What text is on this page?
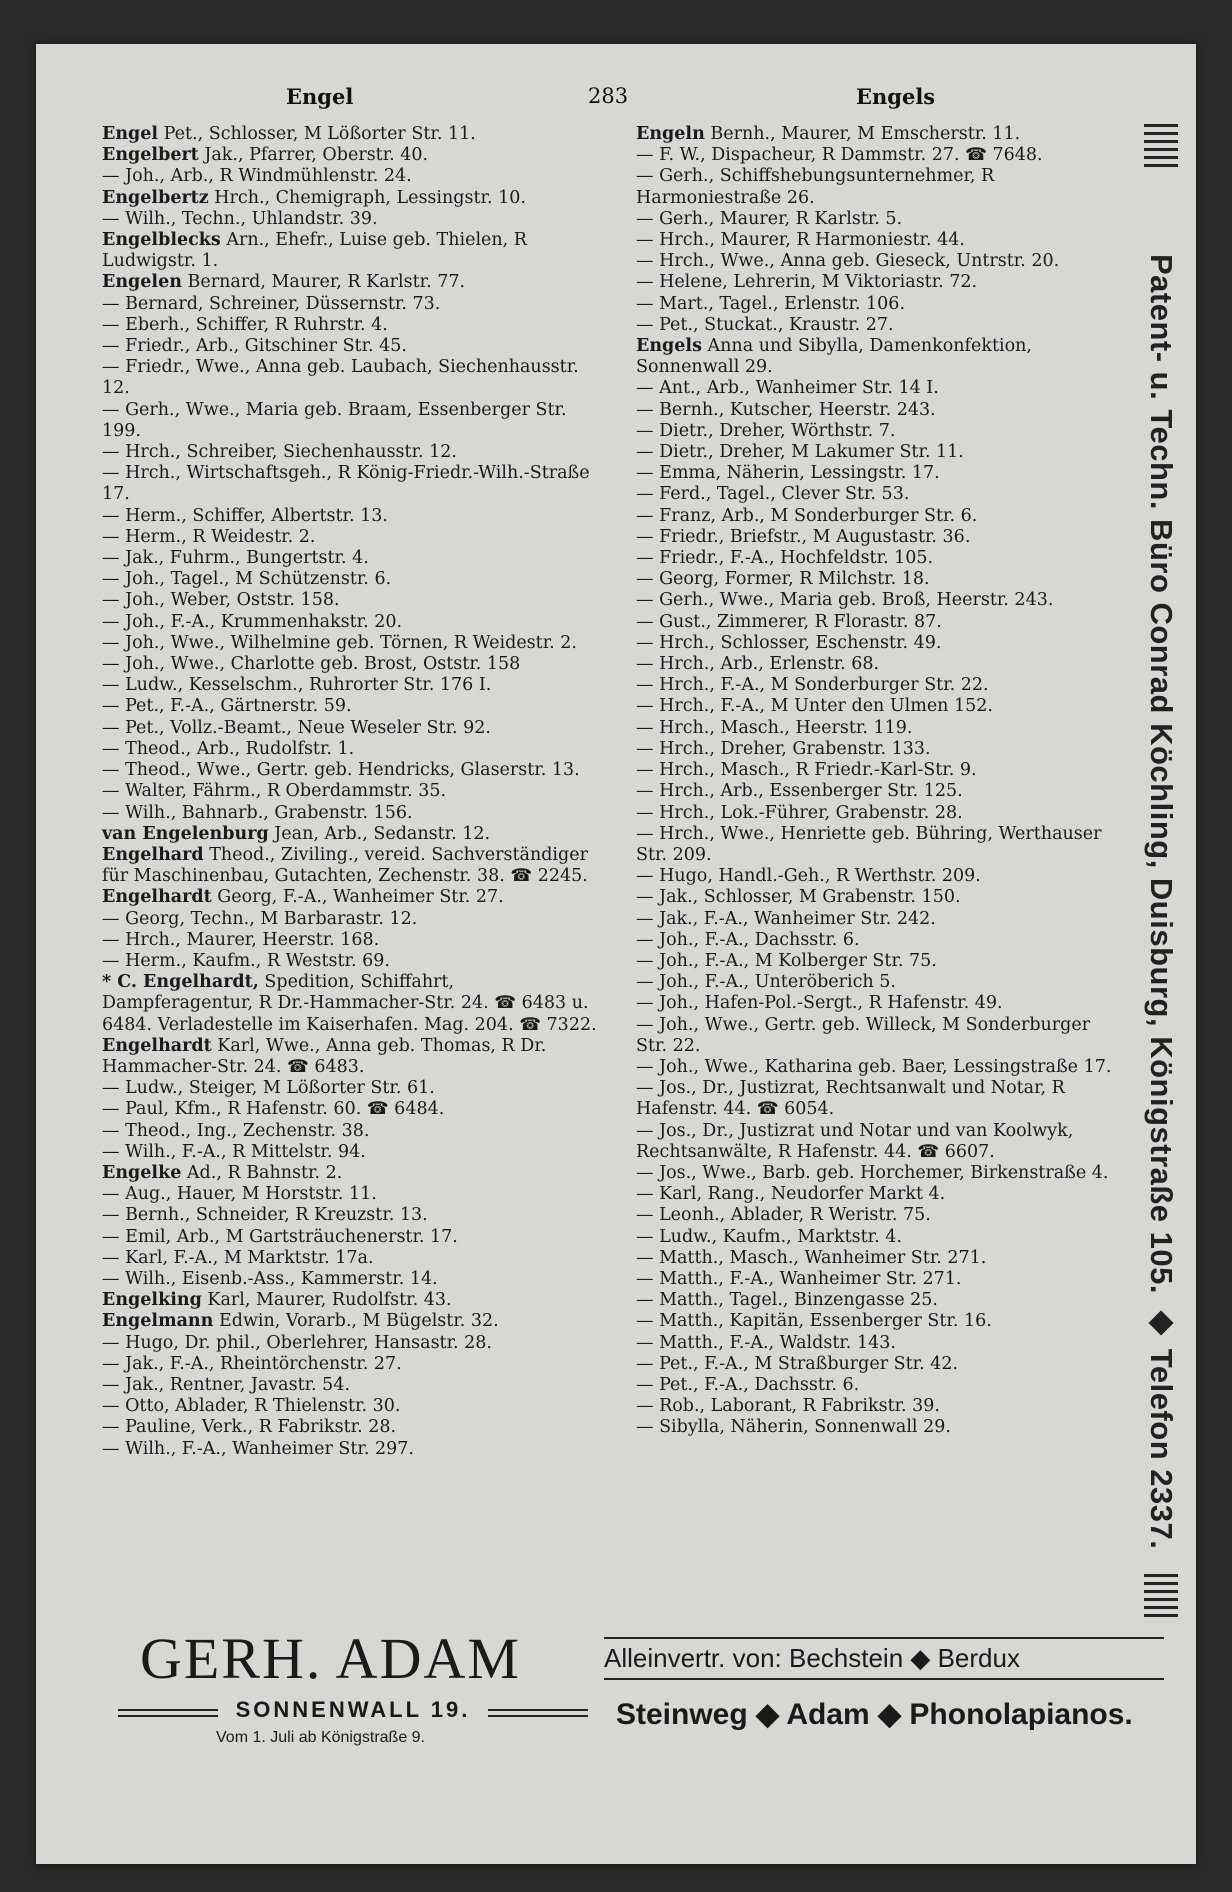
Engel	283	Engels
Engel Pet., Schlosser, M Lößorter Str. 11.
Engelbert Jak., Pfarrer, Oberstr. 40.
— Joh., Arb., R Windmühlenstr. 24.
Engelbertz Hrch., Chemigraph, Lessingstr. 10.
— Wilh., Techn., Uhlandstr. 39.
Engelblecks Arn., Ehefr., Luise geb. Thielen, R Ludwigstr. 1.
Engelen Bernard, Maurer, R Karlstr. 77.
— Bernard, Schreiner, Düssernstr. 73.
— Eberh., Schiffer, R Ruhrstr. 4.
— Friedr., Arb., Gitschiner Str. 45.
— Friedr., Wwe., Anna geb. Laubach, Siechenhausstr. 12.
— Gerh., Wwe., Maria geb. Braam, Essenberger Str. 199.
— Hrch., Schreiber, Siechenhausstr. 12.
— Hrch., Wirtschaftsgeh., R König-Friedr.-Wilh.-Straße 17.
— Herm., Schiffer, Albertstr. 13.
— Herm., R Weidestr. 2.
— Jak., Fuhrm., Bungertstr. 4.
— Joh., Tagel., M Schützenstr. 6.
— Joh., Weber, Oststr. 158.
— Joh., F.-A., Krummenhakstr. 20.
— Joh., Wwe., Wilhelmine geb. Törnen, R Weidestr. 2.
— Joh., Wwe., Charlotte geb. Brost, Oststr. 158
— Ludw., Kesselschm., Ruhrorter Str. 176 I.
— Pet., F.-A., Gärtnerstr. 59.
— Pet., Vollz.-Beamt., Neue Weseler Str. 92.
— Theod., Arb., Rudolfstr. 1.
— Theod., Wwe., Gertr. geb. Hendricks, Glaserstr. 13.
— Walter, Fährm., R Oberdammstr. 35.
— Wilh., Bahnarb., Grabenstr. 156.
van Engelenburg Jean, Arb., Sedanstr. 12.
Engelhard Theod., Ziviling., vereid. Sachverständiger für Maschinenbau, Gutachten, Zechenstr. 38. ☎ 2245.
Engelhardt Georg, F.-A., Wanheimer Str. 27.
— Georg, Techn., M Barbarastr. 12.
— Hrch., Maurer, Heerstr. 168.
— Herm., Kaufm., R Weststr. 69.
* C. Engelhardt, Spedition, Schiffahrt, Dampferagentur, R Dr.-Hammacher-Str. 24. ☎ 6483 u. 6484. Verladestelle im Kaiserhafen. Mag. 204. ☎ 7322.
Engelhardt Karl, Wwe., Anna geb. Thomas, R Dr. Hammacher-Str. 24. ☎ 6483.
— Ludw., Steiger, M Lößorter Str. 61.
— Paul, Kfm., R Hafenstr. 60. ☎ 6484.
— Theod., Ing., Zechenstr. 38.
— Wilh., F.-A., R Mittelstr. 94.
Engelke Ad., R Bahnstr. 2.
— Aug., Hauer, M Horststr. 11.
— Bernh., Schneider, R Kreuzstr. 13.
— Emil, Arb., M Gartsträuchenerstr. 17.
— Karl, F.-A., M Marktstr. 17a.
— Wilh., Eisenb.-Ass., Kammerstr. 14.
Engelking Karl, Maurer, Rudolfstr. 43.
Engelmann Edwin, Vorarb., M Bügelstr. 32.
— Hugo, Dr. phil., Oberlehrer, Hansastr. 28.
— Jak., F.-A., Rheintörchenstr. 27.
— Jak., Rentner, Javastr. 54.
— Otto, Ablader, R Thielenstr. 30.
— Pauline, Verk., R Fabrikstr. 28.
— Wilh., F.-A., Wanheimer Str. 297.
Engeln Bernh., Maurer, M Emscherstr. 11.
— F. W., Dispacheur, R Dammstr. 27. ☎ 7648.
— Gerh., Schiffshebungsunternehmer, R Harmoniestraße 26.
— Gerh., Maurer, R Karlstr. 5.
— Hrch., Maurer, R Harmoniestr. 44.
— Hrch., Wwe., Anna geb. Gieseck, Untrstr. 20.
— Helene, Lehrerin, M Viktoriastr. 72.
— Mart., Tagel., Erlenstr. 106.
— Pet., Stuckat., Kraustr. 27.
Engels Anna und Sibylla, Damenkonfektion, Sonnenwall 29.
— Ant., Arb., Wanheimer Str. 14 I.
— Bernh., Kutscher, Heerstr. 243.
— Dietr., Dreher, Wörthstr. 7.
— Dietr., Dreher, M Lakumer Str. 11.
— Emma, Näherin, Lessingstr. 17.
— Ferd., Tagel., Clever Str. 53.
— Franz, Arb., M Sonderburger Str. 6.
— Friedr., Briefstr., M Augustastr. 36.
— Friedr., F.-A., Hochfeldstr. 105.
— Georg, Former, R Milchstr. 18.
— Gerh., Wwe., Maria geb. Broß, Heerstr. 243.
— Gust., Zimmerer, R Florastr. 87.
— Hrch., Schlosser, Eschenstr. 49.
— Hrch., Arb., Erlenstr. 68.
— Hrch., F.-A., M Sonderburger Str. 22.
— Hrch., F.-A., M Unter den Ulmen 152.
— Hrch., Masch., Heerstr. 119.
— Hrch., Dreher, Grabenstr. 133.
— Hrch., Masch., R Friedr.-Karl-Str. 9.
— Hrch., Arb., Essenberger Str. 125.
— Hrch., Lok.-Führer, Grabenstr. 28.
— Hrch., Wwe., Henriette geb. Bühring, Werthauser Str. 209.
— Hugo, Handl.-Geh., R Werthstr. 209.
— Jak., Schlosser, M Grabenstr. 150.
— Jak., F.-A., Wanheimer Str. 242.
— Joh., F.-A., Dachsstr. 6.
— Joh., F.-A., M Kolberger Str. 75.
— Joh., F.-A., Unteröberich 5.
— Joh., Hafen-Pol.-Sergt., R Hafenstr. 49.
— Joh., Wwe., Gertr. geb. Willeck, M Sonderburger Str. 22.
— Joh., Wwe., Katharina geb. Baer, Lessingstraße 17.
— Jos., Dr., Justizrat, Rechtsanwalt und Notar, R Hafenstr. 44. ☎ 6054.
— Jos., Dr., Justizrat und Notar und van Koolwyk, Rechtsanwälte, R Hafenstr. 44. ☎ 6607.
— Jos., Wwe., Barb. geb. Horchemer, Birkenstraße 4.
— Karl, Rang., Neudorfer Markt 4.
— Leonh., Ablader, R Weristr. 75.
— Ludw., Kaufm., Marktstr. 4.
— Matth., Masch., Wanheimer Str. 271.
— Matth., F.-A., Wanheimer Str. 271.
— Matth., Tagel., Binzengasse 25.
— Matth., Kapitän, Essenberger Str. 16.
— Matth., F.-A., Waldstr. 143.
— Pet., F.-A., M Straßburger Str. 42.
— Pet., F.-A., Dachsstr. 6.
— Rob., Laborant, R Fabrikstr. 39.
— Sibylla, Näherin, Sonnenwall 29.	Patent- u. Techn. Büro Conrad Köchling, Duisburg, Königstraße 105. ◆ Telefon 2337.
GERH. ADAM
SONNENWALL 19.
Vom 1. Juli ab Königstraße 9.
Alleinvertr. von: Bechstein ◆ Berdux
Steinweg ◆ Adam ◆ Phonolapianos.
